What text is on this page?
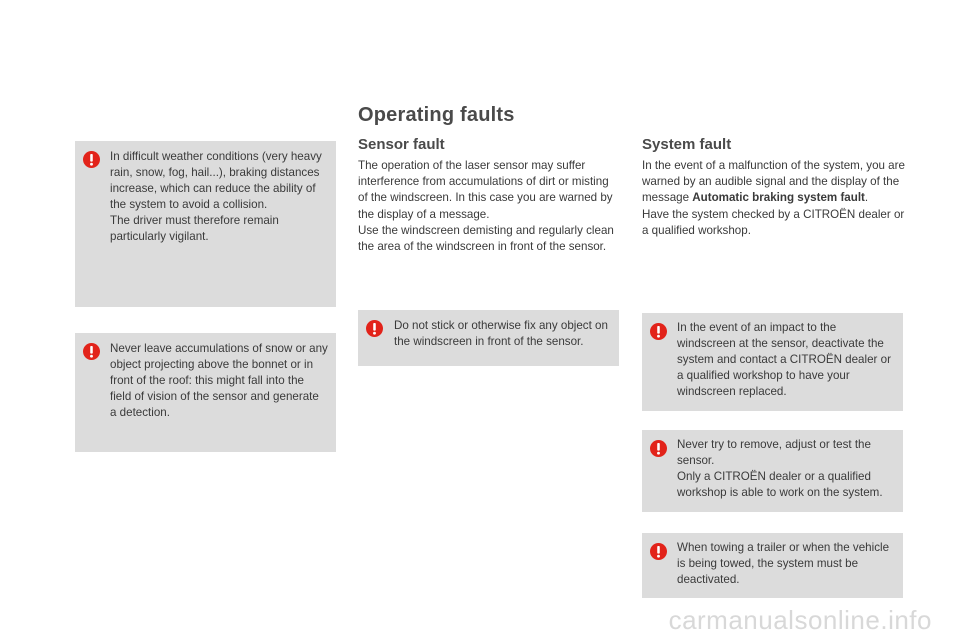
In difficult weather conditions (very heavy rain, snow, fog, hail...), braking distances increase, which can reduce the ability of the system to avoid a collision.

The driver must therefore remain particularly vigilant.

Never leave accumulations of snow or any object projecting above the bonnet or in front of the roof: this might fall into the field of vision of the sensor and generate a detection.

Operating faults
Sensor fault

The operation of the laser sensor may suffer interference from accumulations of dirt or misting of the windscreen. In this case you are warned by the display of a message.

Use the windscreen demisting and regularly clean the area of the windscreen in front of the sensor.

Do not stick or otherwise fix any object on the windscreen in front of the sensor.

System fault

In the event of a malfunction of the system, you are warned by an audible signal and the display of the message Automatic braking system fault.

Have the system checked by a CITROËN dealer or a qualified workshop.

In the event of an impact to the windscreen at the sensor, deactivate the system and contact a CITROËN dealer or a qualified workshop to have your windscreen replaced.

Never try to remove, adjust or test the sensor.

Only a CITROËN dealer or a qualified workshop is able to work on the system.

When towing a trailer or when the vehicle is being towed, the system must be deactivated.

carmanualsonline.info
